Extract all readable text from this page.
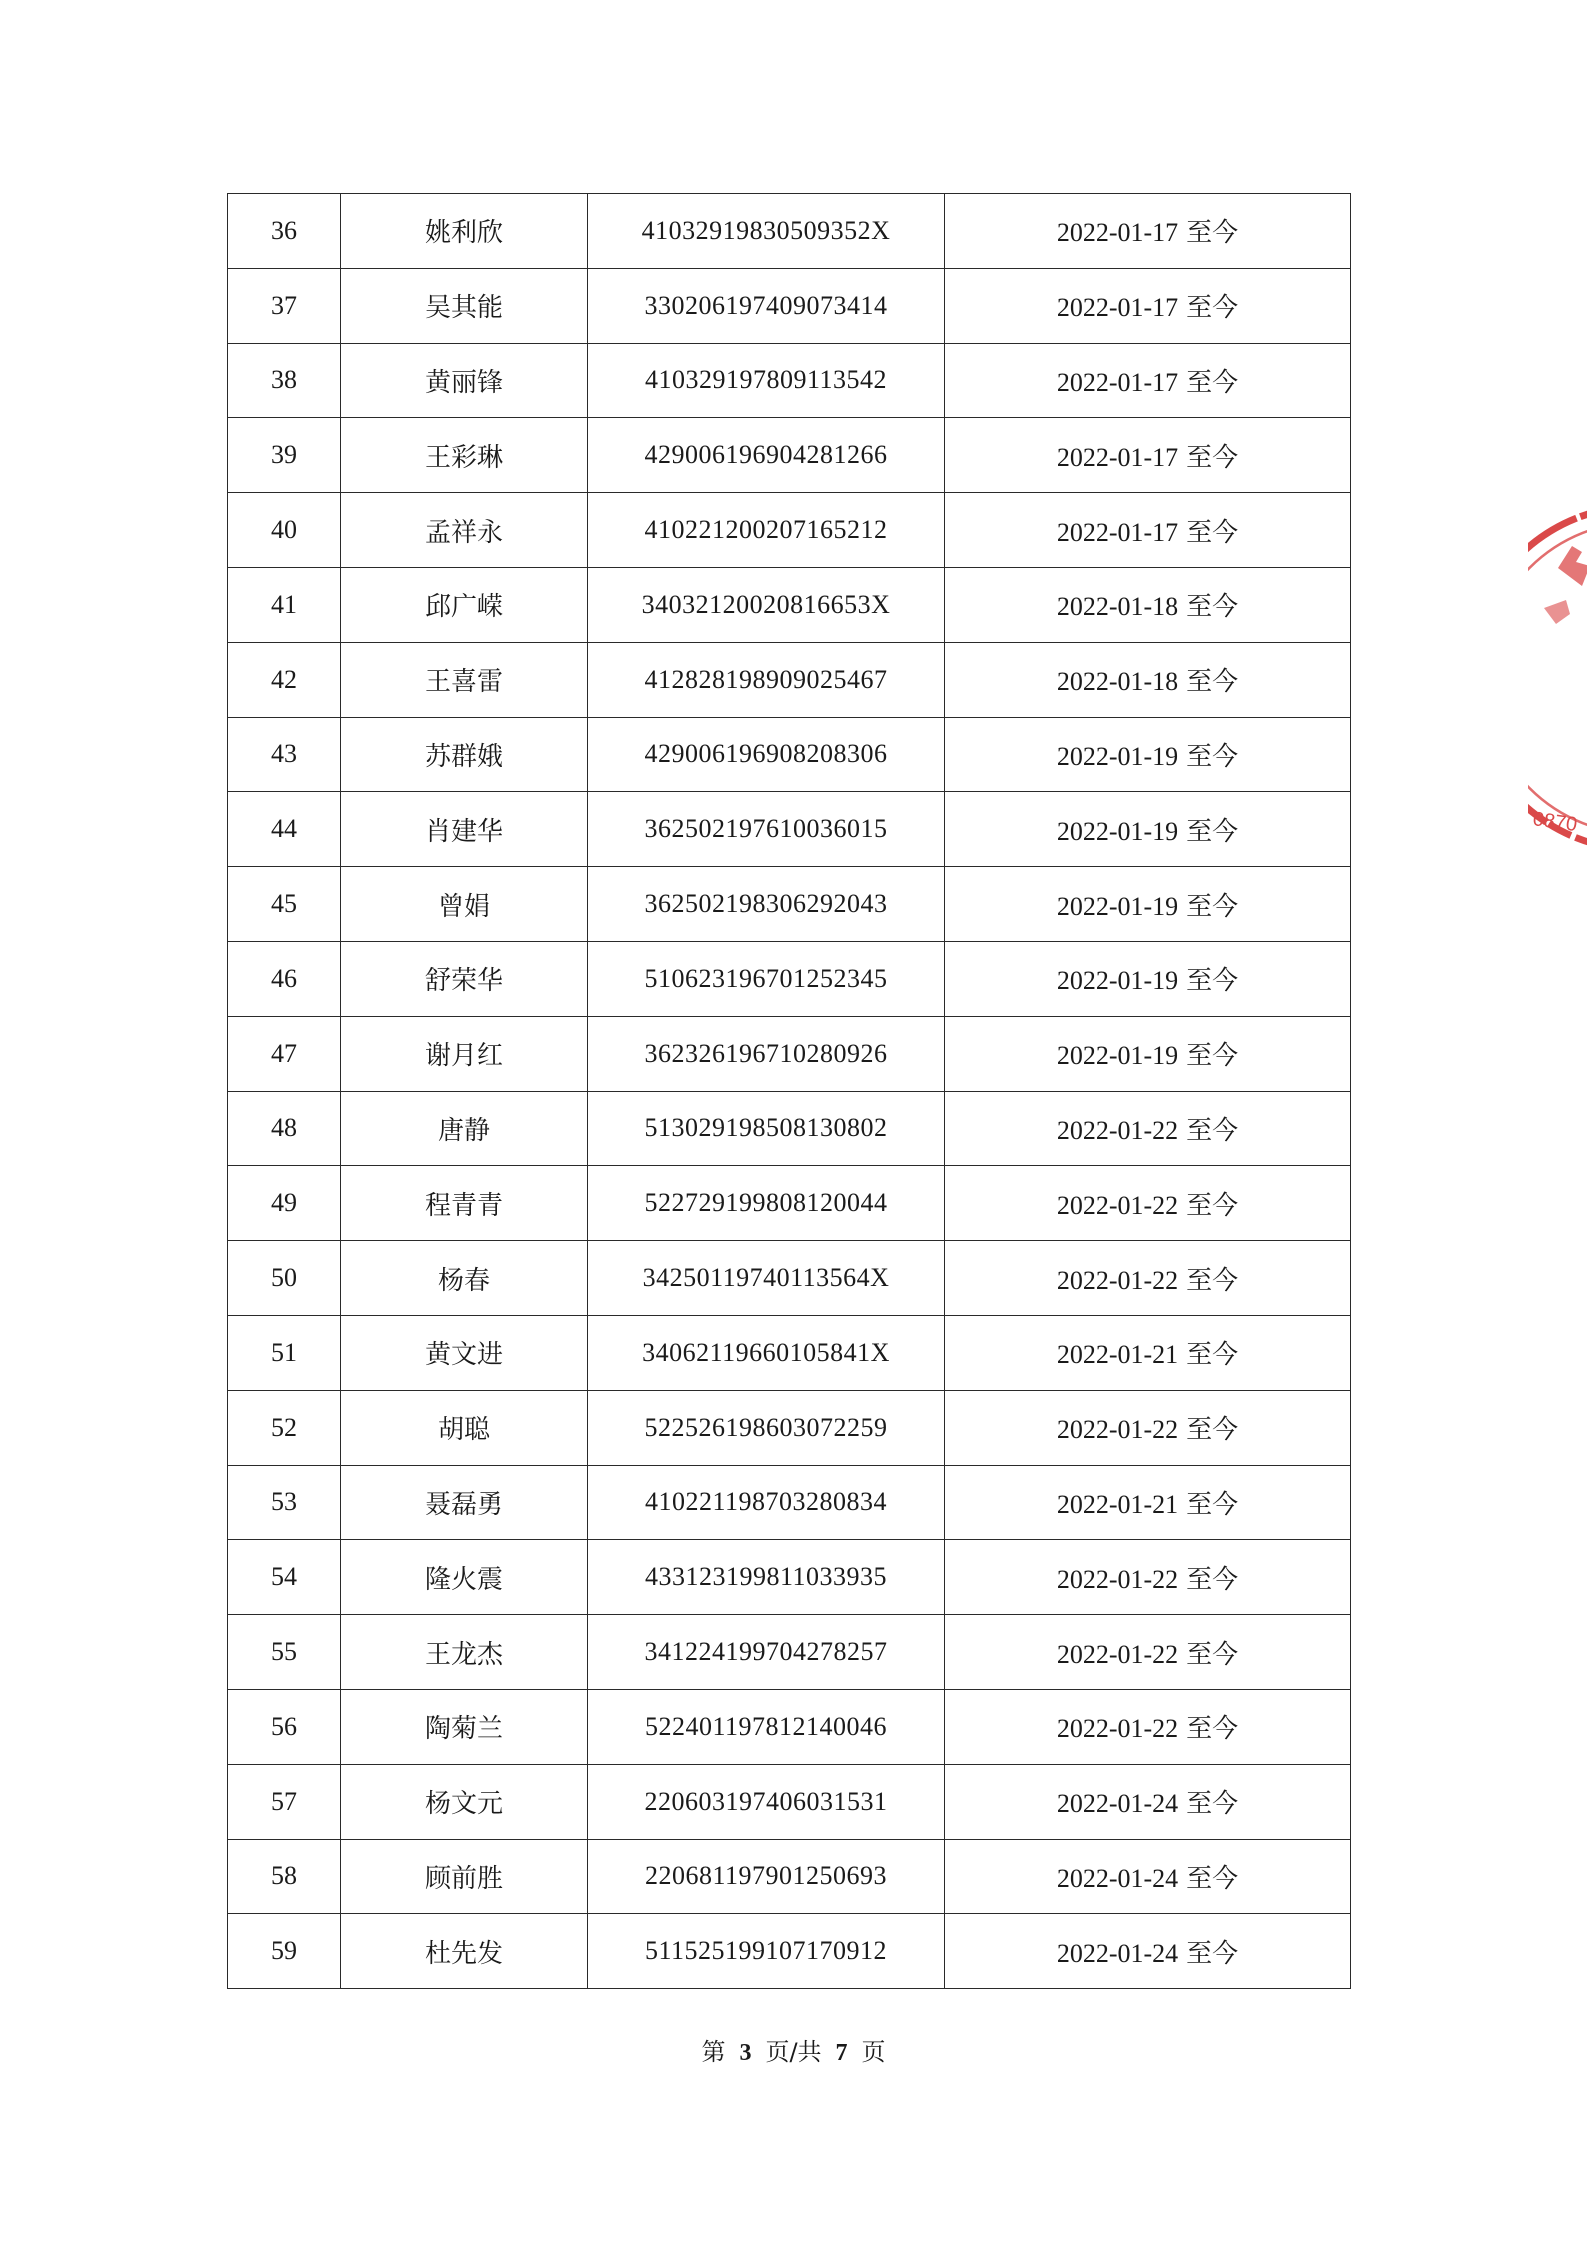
36	姚利欣	41032919830509352X	2022-01-17 至今
37	吴其能	330206197409073414	2022-01-17 至今
38	黄丽锋	410329197809113542	2022-01-17 至今
39	王彩琳	429006196904281266	2022-01-17 至今
40	孟祥永	410221200207165212	2022-01-17 至今
41	邱广嵘	34032120020816653X	2022-01-18 至今
42	王喜雷	412828198909025467	2022-01-18 至今
43	苏群娥	429006196908208306	2022-01-19 至今
44	肖建华	362502197610036015	2022-01-19 至今
45	曾娟	362502198306292043	2022-01-19 至今
46	舒荣华	510623196701252345	2022-01-19 至今
47	谢月红	362326196710280926	2022-01-19 至今
48	唐静	513029198508130802	2022-01-22 至今
49	程青青	522729199808120044	2022-01-22 至今
50	杨春	34250119740113564X	2022-01-22 至今
51	黄文进	34062119660105841X	2022-01-21 至今
52	胡聪	522526198603072259	2022-01-22 至今
53	聂磊勇	410221198703280834	2022-01-21 至今
54	隆火震	433123199811033935	2022-01-22 至今
55	王龙杰	341224199704278257	2022-01-22 至今
56	陶菊兰	522401197812140046	2022-01-22 至今
57	杨文元	220603197406031531	2022-01-24 至今
58	顾前胜	220681197901250693	2022-01-24 至今
59	杜先发	511525199107170912	2022-01-24 至今
第 3 页/共 7 页
0870
